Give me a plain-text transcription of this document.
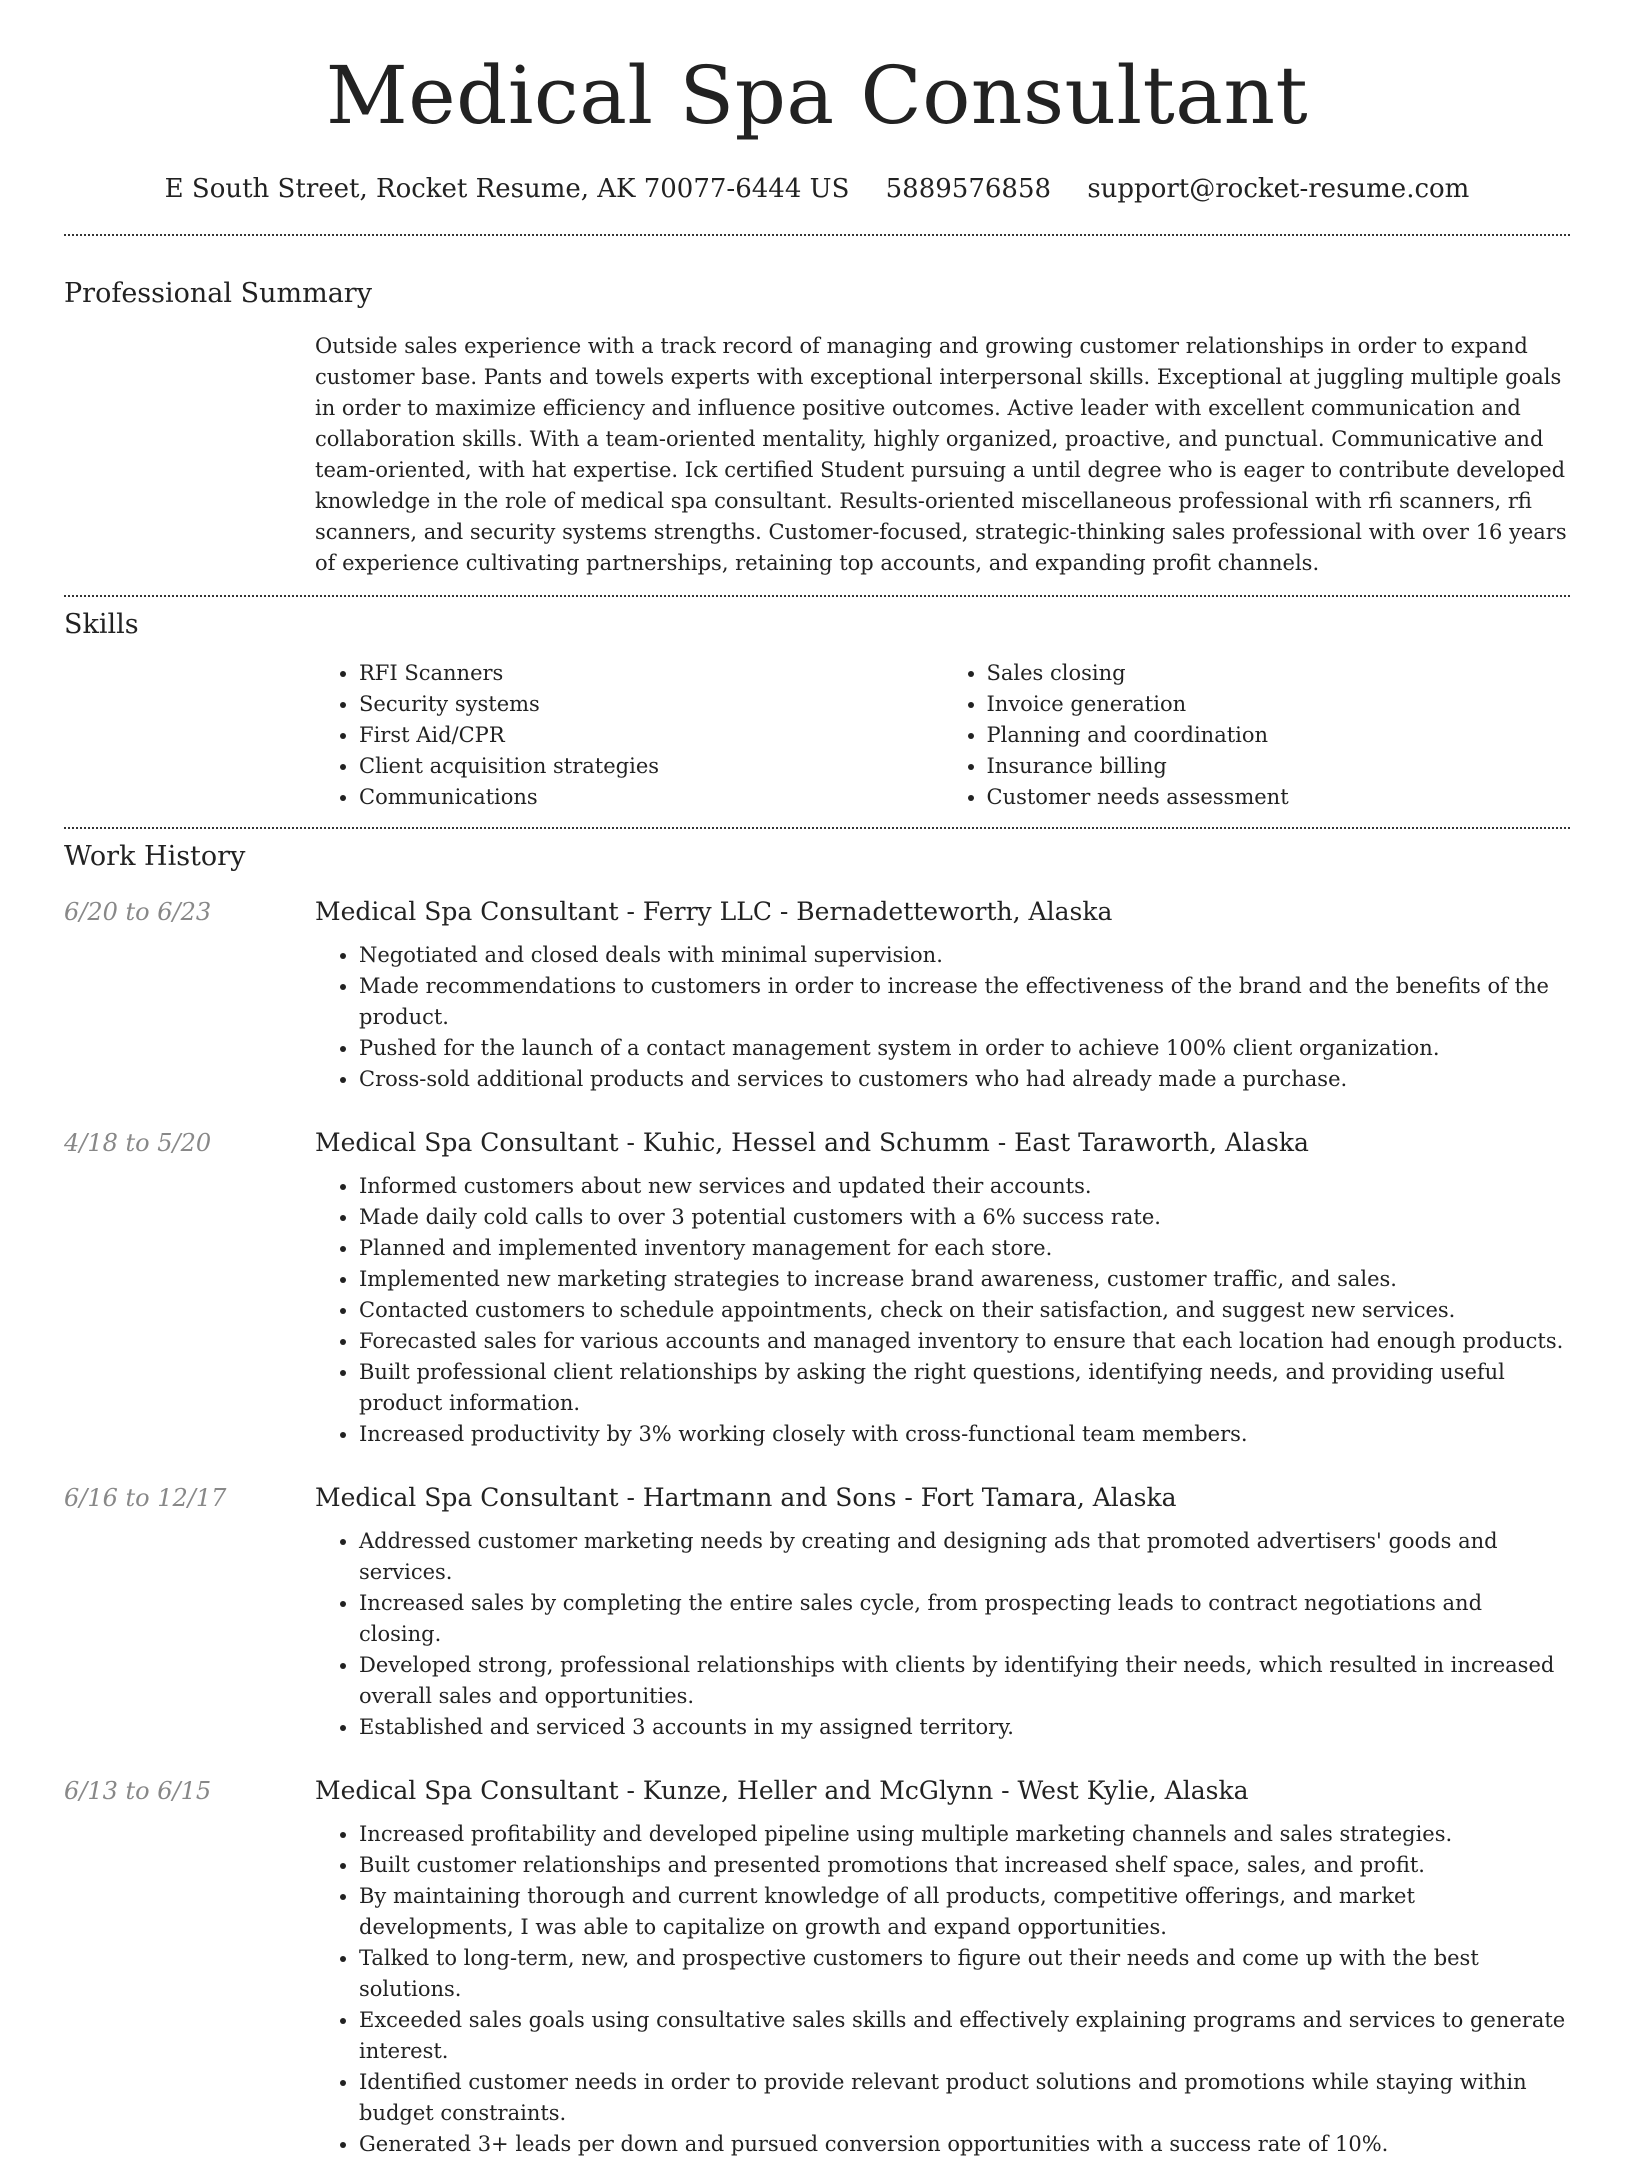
Medical Spa Consultant
E South Street, Rocket Resume, AK 70077-6444 US 5889576858 support@rocket-resume.com
Professional Summary
Outside sales experience with a track record of managing and growing customer relationships in order to expand customer base. Pants and towels experts with exceptional interpersonal skills. Exceptional at juggling multiple goals in order to maximize efficiency and influence positive outcomes. Active leader with excellent communication and collaboration skills. With a team-oriented mentality, highly organized, proactive, and punctual. Communicative and team-oriented, with hat expertise. Ick certified Student pursuing a until degree who is eager to contribute developed knowledge in the role of medical spa consultant. Results-oriented miscellaneous professional with rfi scanners, rfi scanners, and security systems strengths. Customer-focused, strategic-thinking sales professional with over 16 years of experience cultivating partnerships, retaining top accounts, and expanding profit channels.
Skills
• RFI Scanners
• Security systems
• First Aid/CPR
• Client acquisition strategies
• Communications
• Sales closing
• Invoice generation
• Planning and coordination
• Insurance billing
• Customer needs assessment
Work History
6/20 to 6/23	Medical Spa Consultant - Ferry LLC - Bernadetteworth, Alaska
• Negotiated and closed deals with minimal supervision.
• Made recommendations to customers in order to increase the effectiveness of the brand and the benefits of the product.
• Pushed for the launch of a contact management system in order to achieve 100% client organization.
• Cross-sold additional products and services to customers who had already made a purchase.
4/18 to 5/20	Medical Spa Consultant - Kuhic, Hessel and Schumm - East Taraworth, Alaska
• Informed customers about new services and updated their accounts.
• Made daily cold calls to over 3 potential customers with a 6% success rate.
• Planned and implemented inventory management for each store.
• Implemented new marketing strategies to increase brand awareness, customer traffic, and sales.
• Contacted customers to schedule appointments, check on their satisfaction, and suggest new services.
• Forecasted sales for various accounts and managed inventory to ensure that each location had enough products.
• Built professional client relationships by asking the right questions, identifying needs, and providing useful product information.
• Increased productivity by 3% working closely with cross-functional team members.
6/16 to 12/17	Medical Spa Consultant - Hartmann and Sons - Fort Tamara, Alaska
• Addressed customer marketing needs by creating and designing ads that promoted advertisers' goods and services.
• Increased sales by completing the entire sales cycle, from prospecting leads to contract negotiations and closing.
• Developed strong, professional relationships with clients by identifying their needs, which resulted in increased overall sales and opportunities.
• Established and serviced 3 accounts in my assigned territory.
6/13 to 6/15	Medical Spa Consultant - Kunze, Heller and McGlynn - West Kylie, Alaska
• Increased profitability and developed pipeline using multiple marketing channels and sales strategies.
• Built customer relationships and presented promotions that increased shelf space, sales, and profit.
• By maintaining thorough and current knowledge of all products, competitive offerings, and market developments, I was able to capitalize on growth and expand opportunities.
• Talked to long-term, new, and prospective customers to figure out their needs and come up with the best solutions.
• Exceeded sales goals using consultative sales skills and effectively explaining programs and services to generate interest.
• Identified customer needs in order to provide relevant product solutions and promotions while staying within budget constraints.
• Generated 3+ leads per down and pursued conversion opportunities with a success rate of 10%.
